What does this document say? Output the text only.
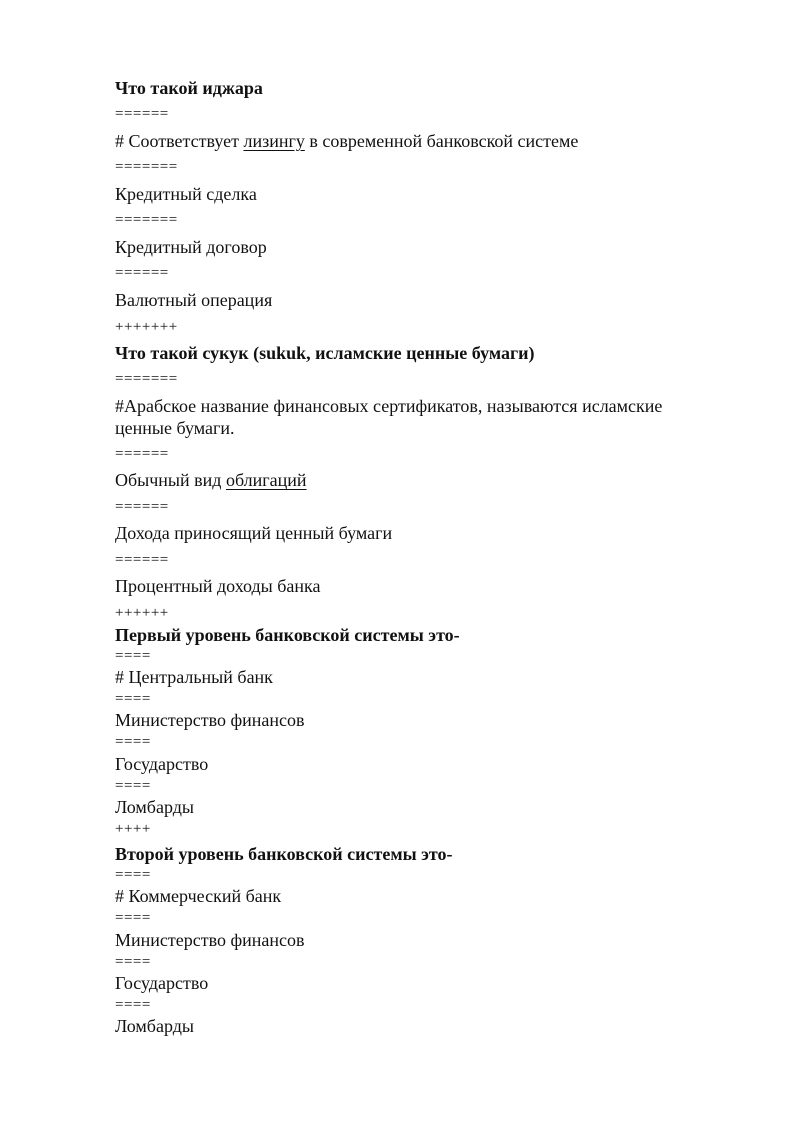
Что такой иджара
======
# Соответствует лизингу в современной банковской системе
=======
Кредитный сделка
=======
Кредитный договор
======
Валютный операция
+++++++
Что такой сукук (sukuk, исламские ценные бумаги)
=======
#Арабское название финансовых сертификатов, называются исламские ценные бумаги.
======
Обычный вид облигаций
======
Дохода приносящий ценный бумаги
======
Процентный доходы банка
++++++
Первый уровень банковской системы это-
====
# Центральный банк
====
Министерство финансов
====
Государство
====
Ломбарды
++++
Второй уровень банковской системы это-
====
# Коммерческий банк
====
Министерство финансов
====
Государство
====
Ломбарды
